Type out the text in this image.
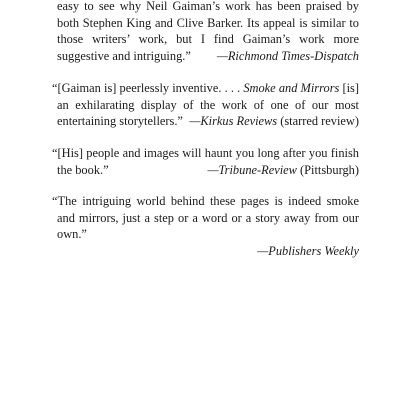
easy to see why Neil Gaiman’s work has been praised by both Stephen King and Clive Barker. Its appeal is similar to those writers’ work, but I find Gaiman’s work more suggestive and intriguing.” —Richmond Times-Dispatch
“[Gaiman is] peerlessly inventive. . . . Smoke and Mirrors [is] an exhilarating display of the work of one of our most entertaining storytellers.” —Kirkus Reviews (starred review)
“[His] people and images will haunt you long after you finish the book.”	—Tribune-Review (Pittsburgh)
“The intriguing world behind these pages is indeed smoke and mirrors, just a step or a word or a story away from our own.”
—Publishers Weekly
